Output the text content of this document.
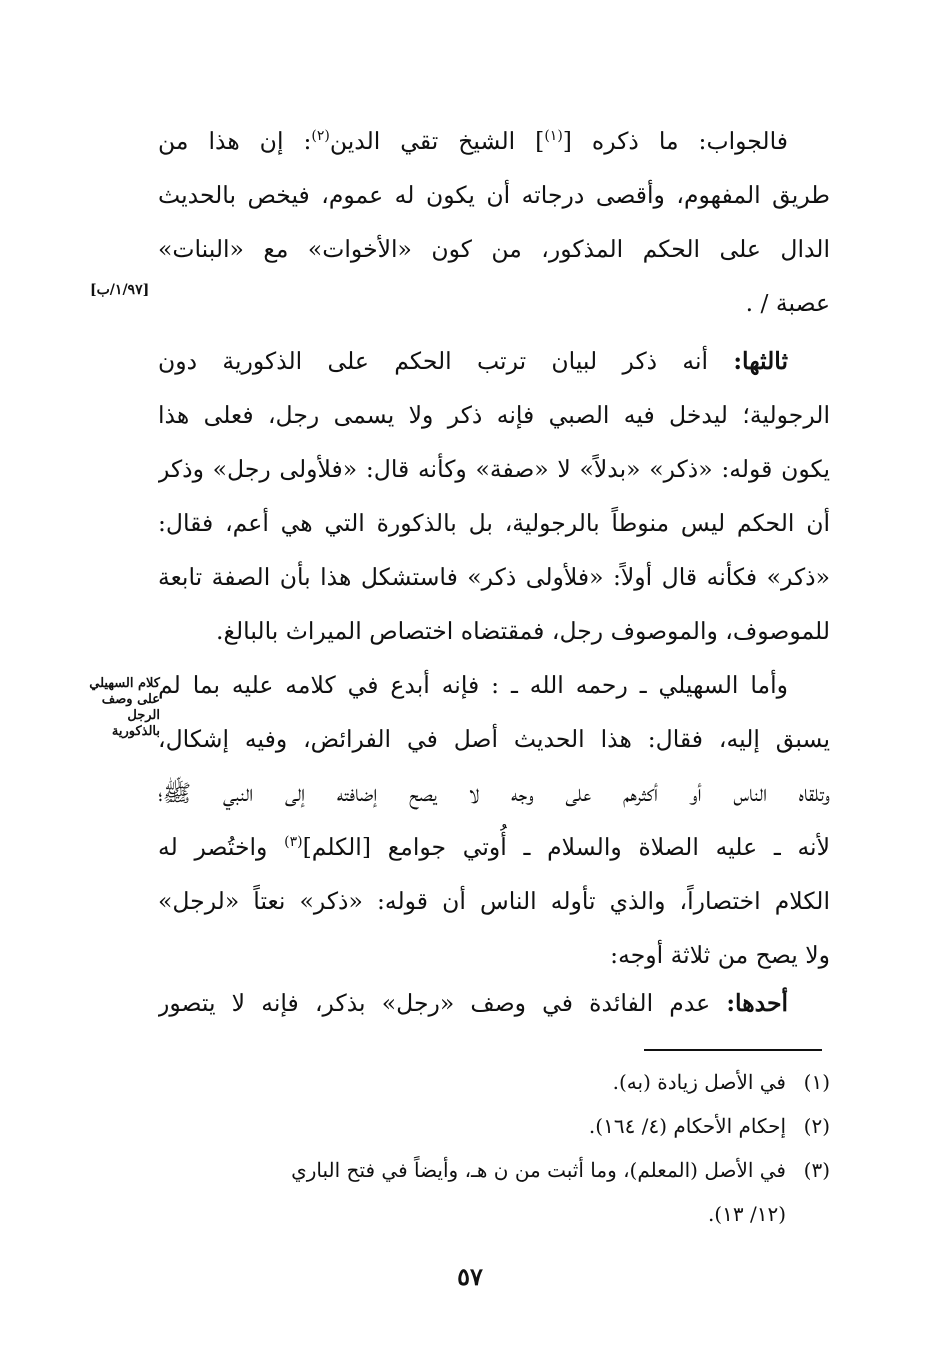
فالجواب: ما ذكره [$^{(١)}$] الشيخ تقي الدين$^{(٢)}$: إن هذا من
طريق المفهوم، وأقصى درجاته أن يكون له عموم، فيخص بالحديث
الدال على الحكم المذكور، من كون «الأخوات» مع «البنات»
عصبة / .
[١/٩٧/ب]
ثالثها: أنه ذكر لبيان ترتب الحكم على الذكورية دون
الرجولية؛ ليدخل فيه الصبي فإنه ذكر ولا يسمى رجل، فعلى هذا
يكون قوله: «ذكر» «بدلاً» لا «صفة» وكأنه قال: «فلأولى رجل» وذكر
أن الحكم ليس منوطاً بالرجولية، بل بالذكورة التي هي أعم، فقال:
«ذكر» فكأنه قال أولاً: «فلأولى ذكر» فاستشكل هذا بأن الصفة تابعة
للموصوف، والموصوف رجل، فمقتضاه اختصاص الميراث بالبالغ.
كلام السهيلي
على وصف
الرجل
بالذكورية
وأما السهيلي ـ رحمه الله ـ : فإنه أبدع في كلامه عليه بما لم
يسبق إليه، فقال: هذا الحديث أصل في الفرائض، وفيه إشكال،
وتلقاه الناس أو أكثرهم على وجه لا يصح إضافته إلى النبي ﷺ؛
لأنه ـ عليه الصلاة والسلام ـ أُوتي جوامع [الكلم]$^{(٣)}$ واختُصر له
الكلام اختصاراً، والذي تأوله الناس أن قوله: «ذكر» نعتاً «لرجل»
ولا يصح من ثلاثة أوجه:
أحدها: عدم الفائدة في وصف «رجل» بذكر، فإنه لا يتصور
(١)في الأصل زيادة (به).
(٢)إحكام الأحكام (٤/ ١٦٤).
(٣)في الأصل (المعلم)، وما أثبت من ن هـ، وأيضاً في فتح الباري
(١٢/ ١٣).
٥٧
